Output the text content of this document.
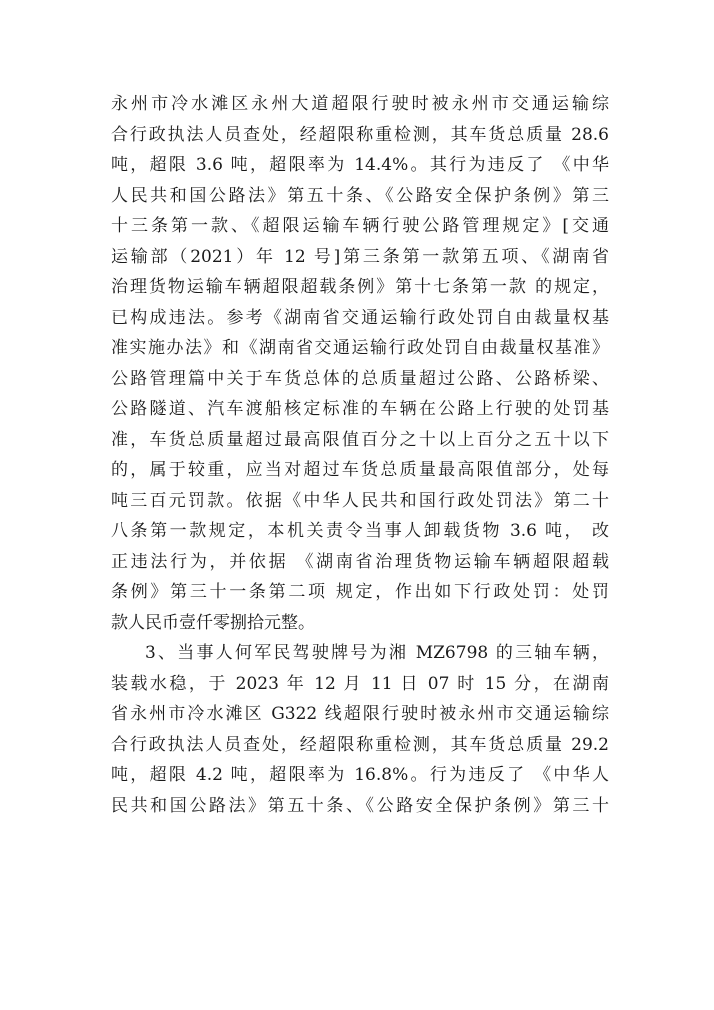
永州市冷水滩区永州大道超限行驶时被永州市交通运输综
合行政执法人员查处，经超限称重检测，其车货总质量 28.6
吨，超限 3.6 吨，超限率为 14.4%。其行为违反了 《中华
人民共和国公路法》第五十条、《公路安全保护条例》第三
十三条第一款、《超限运输车辆行驶公路管理规定》[交通
运输部（2021）年 12 号]第三条第一款第五项、《湖南省
治理货物运输车辆超限超载条例》第十七条第一款 的规定，
已构成违法。参考《湖南省交通运输行政处罚自由裁量权基
准实施办法》和《湖南省交通运输行政处罚自由裁量权基准》
公路管理篇中关于车货总体的总质量超过公路、公路桥梁、
公路隧道、汽车渡船核定标准的车辆在公路上行驶的处罚基
准，车货总质量超过最高限值百分之十以上百分之五十以下
的，属于较重，应当对超过车货总质量最高限值部分，处每
吨三百元罚款。依据《中华人民共和国行政处罚法》第二十
八条第一款规定，本机关责令当事人卸载货物 3.6 吨， 改
正违法行为，并依据 《湖南省治理货物运输车辆超限超载
条例》第三十一条第二项 规定，作出如下行政处罚：处罚
款人民币壹仟零捌拾元整。
3、当事人何军民驾驶牌号为湘 MZ6798 的三轴车辆，
装载水稳，于 2023 年 12 月 11 日 07 时 15 分，在湖南
省永州市冷水滩区 G322 线超限行驶时被永州市交通运输综
合行政执法人员查处，经超限称重检测，其车货总质量 29.2
吨，超限 4.2 吨，超限率为 16.8%。行为违反了 《中华人
民共和国公路法》第五十条、《公路安全保护条例》第三十
